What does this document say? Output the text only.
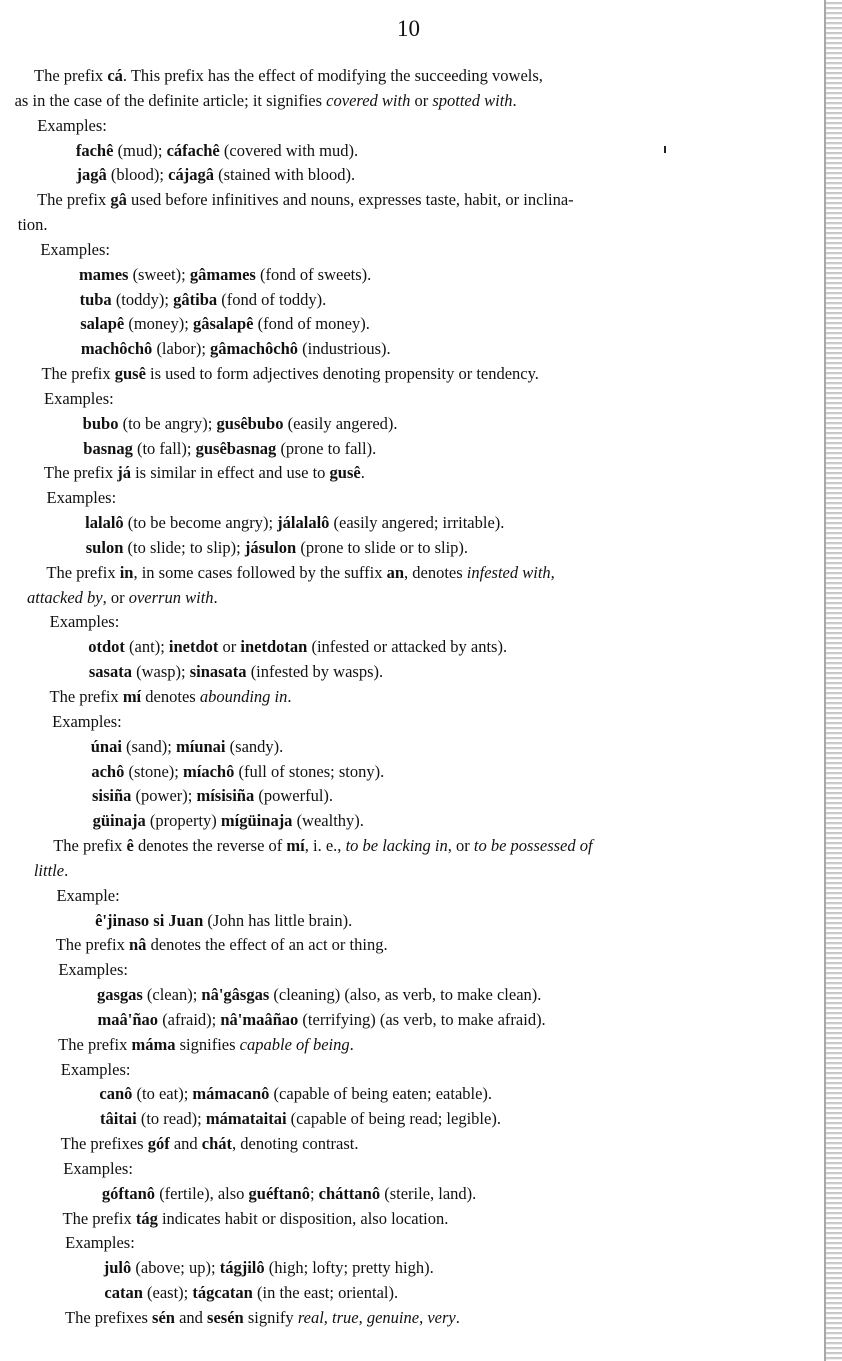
10
The prefix cá. This prefix has the effect of modifying the succeeding vowels,
as in the case of the definite article; it signifies covered with or spotted with.
Examples:
fachê (mud); cáfachê (covered with mud).
jagâ (blood); cájagâ (stained with blood).
The prefix gâ used before infinitives and nouns, expresses taste, habit, or inclina-
tion.
Examples:
mames (sweet); gâmames (fond of sweets).
tuba (toddy); gâtiba (fond of toddy).
salapê (money); gâsalapê (fond of money).
machôchô (labor); gâmachôchô (industrious).
The prefix gusê is used to form adjectives denoting propensity or tendency.
Examples:
bubo (to be angry); gusêbubo (easily angered).
basnag (to fall); gusêbasnag (prone to fall).
The prefix já is similar in effect and use to gusê.
Examples:
lalalô (to be become angry); jálalalô (easily angered; irritable).
sulon (to slide; to slip); jásulon (prone to slide or to slip).
The prefix in, in some cases followed by the suffix an, denotes infested with,
attacked by, or overrun with.
Examples:
otdot (ant); inetdot or inetdotan (infested or attacked by ants).
sasata (wasp); sinasata (infested by wasps).
The prefix mí denotes abounding in.
Examples:
únai (sand); míunai (sandy).
achô (stone); míachô (full of stones; stony).
sisiña (power); mísisiña (powerful).
güinaja (property) mígüinaja (wealthy).
The prefix ê denotes the reverse of mí, i. e., to be lacking in, or to be possessed of
little.
Example:
ê'jinaso si Juan (John has little brain).
The prefix nâ denotes the effect of an act or thing.
Examples:
gasgas (clean); nâ'gâsgas (cleaning) (also, as verb, to make clean).
maâ'ñao (afraid); nâ'maâñao (terrifying) (as verb, to make afraid).
The prefix máma signifies capable of being.
Examples:
canô (to eat); mámacanô (capable of being eaten; eatable).
tâitai (to read); mámataitai (capable of being read; legible).
The prefixes góf and chát, denoting contrast.
Examples:
góftanô (fertile), also guéftanô; cháttanô (sterile, land).
The prefix tág indicates habit or disposition, also location.
Examples:
julô (above; up); tágjilô (high; lofty; pretty high).
catan (east); tágcatan (in the east; oriental).
The prefixes sén and sesén signify real, true, genuine, very.
